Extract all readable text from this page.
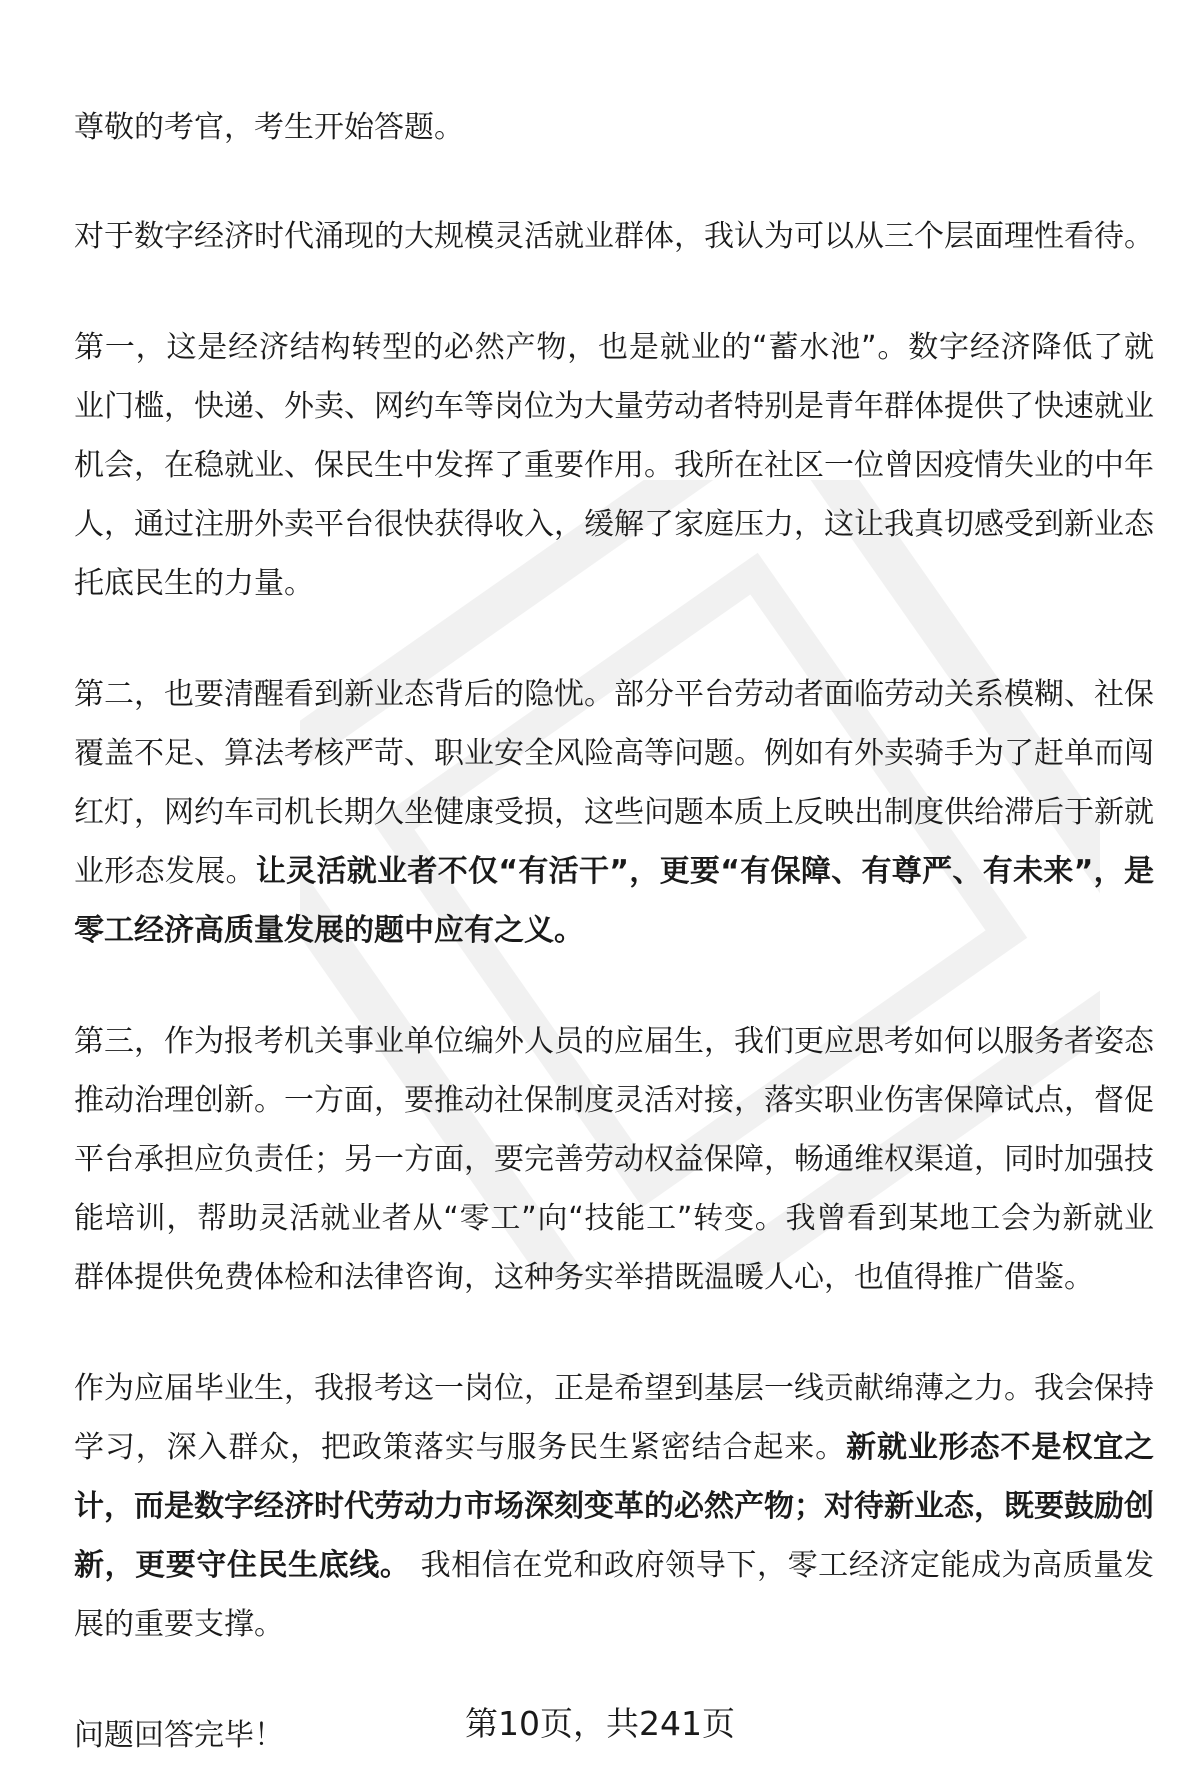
尊敬的考官，考生开始答题。

对于数字经济时代涌现的大规模灵活就业群体，我认为可以从三个层面理性看待。

第一，这是经济结构转型的必然产物，也是就业的“蓄水池”。数字经济降低了就业门槛，快递、外卖、网约车等岗位为大量劳动者特别是青年群体提供了快速就业机会，在稳就业、保民生中发挥了重要作用。我所在社区一位曾因疫情失业的中年人，通过注册外卖平台很快获得收入，缓解了家庭压力，这让我真切感受到新业态托底民生的力量。

第二，也要清醒看到新业态背后的隐忧。部分平台劳动者面临劳动关系模糊、社保覆盖不足、算法考核严苛、职业安全风险高等问题。例如有外卖骑手为了赶单而闯红灯，网约车司机长期久坐健康受损，这些问题本质上反映出制度供给滞后于新就业形态发展。让灵活就业者不仅“有活干”，更要“有保障、有尊严、有未来”，是零工经济高质量发展的题中应有之义。

第三，作为报考机关事业单位编外人员的应届生，我们更应思考如何以服务者姿态推动治理创新。一方面，要推动社保制度灵活对接，落实职业伤害保障试点，督促平台承担应负责任；另一方面，要完善劳动权益保障，畅通维权渠道，同时加强技能培训，帮助灵活就业者从“零工”向“技能工”转变。我曾看到某地工会为新就业群体提供免费体检和法律咨询，这种务实举措既温暖人心，也值得推广借鉴。

作为应届毕业生，我报考这一岗位，正是希望到基层一线贡献绵薄之力。我会保持学习，深入群众，把政策落实与服务民生紧密结合起来。新就业形态不是权宜之计，而是数字经济时代劳动力市场深刻变革的必然产物；对待新业态，既要鼓励创新，更要守住民生底线。 我相信在党和政府领导下，零工经济定能成为高质量发展的重要支撑。

问题回答完毕！	第10页，共241页
